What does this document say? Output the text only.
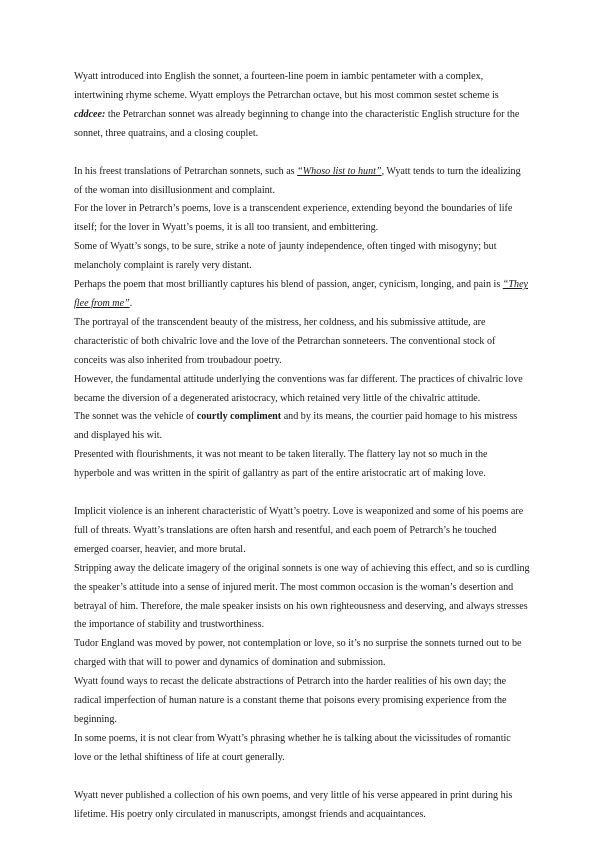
Wyatt introduced into English the sonnet, a fourteen-line poem in iambic pentameter with a complex, intertwining rhyme scheme. Wyatt employs the Petrarchan octave, but his most common sestet scheme is cddcee: the Petrarchan sonnet was already beginning to change into the characteristic English structure for the sonnet, three quatrains, and a closing couplet.

In his freest translations of Petrarchan sonnets, such as “Whoso list to hunt”, Wyatt tends to turn the idealizing of the woman into disillusionment and complaint.

For the lover in Petrarch’s poems, love is a transcendent experience, extending beyond the boundaries of life itself; for the lover in Wyatt’s poems, it is all too transient, and embittering.

Some of Wyatt’s songs, to be sure, strike a note of jaunty independence, often tinged with misogyny; but melancholy complaint is rarely very distant.

Perhaps the poem that most brilliantly captures his blend of passion, anger, cynicism, longing, and pain is “They flee from me”.

The portrayal of the transcendent beauty of the mistress, her coldness, and his submissive attitude, are characteristic of both chivalric love and the love of the Petrarchan sonneteers. The conventional stock of conceits was also inherited from troubadour poetry.

However, the fundamental attitude underlying the conventions was far different. The practices of chivalric love became the diversion of a degenerated aristocracy, which retained very little of the chivalric attitude.

The sonnet was the vehicle of courtly compliment and by its means, the courtier paid homage to his mistress and displayed his wit.

Presented with flourishments, it was not meant to be taken literally. The flattery lay not so much in the hyperbole and was written in the spirit of gallantry as part of the entire aristocratic art of making love.

Implicit violence is an inherent characteristic of Wyatt’s poetry. Love is weaponized and some of his poems are full of threats. Wyatt’s translations are often harsh and resentful, and each poem of Petrarch’s he touched emerged coarser, heavier, and more brutal.

Stripping away the delicate imagery of the original sonnets is one way of achieving this effect, and so is curdling the speaker’s attitude into a sense of injured merit. The most common occasion is the woman’s desertion and betrayal of him. Therefore, the male speaker insists on his own righteousness and deserving, and always stresses the importance of stability and trustworthiness.

Tudor England was moved by power, not contemplation or love, so it’s no surprise the sonnets turned out to be charged with that will to power and dynamics of domination and submission.

Wyatt found ways to recast the delicate abstractions of Petrarch into the harder realities of his own day; the radical imperfection of human nature is a constant theme that poisons every promising experience from the beginning.

In some poems, it is not clear from Wyatt’s phrasing whether he is talking about the vicissitudes of romantic love or the lethal shiftiness of life at court generally.

Wyatt never published a collection of his own poems, and very little of his verse appeared in print during his lifetime. His poetry only circulated in manuscripts, amongst friends and acquaintances.
